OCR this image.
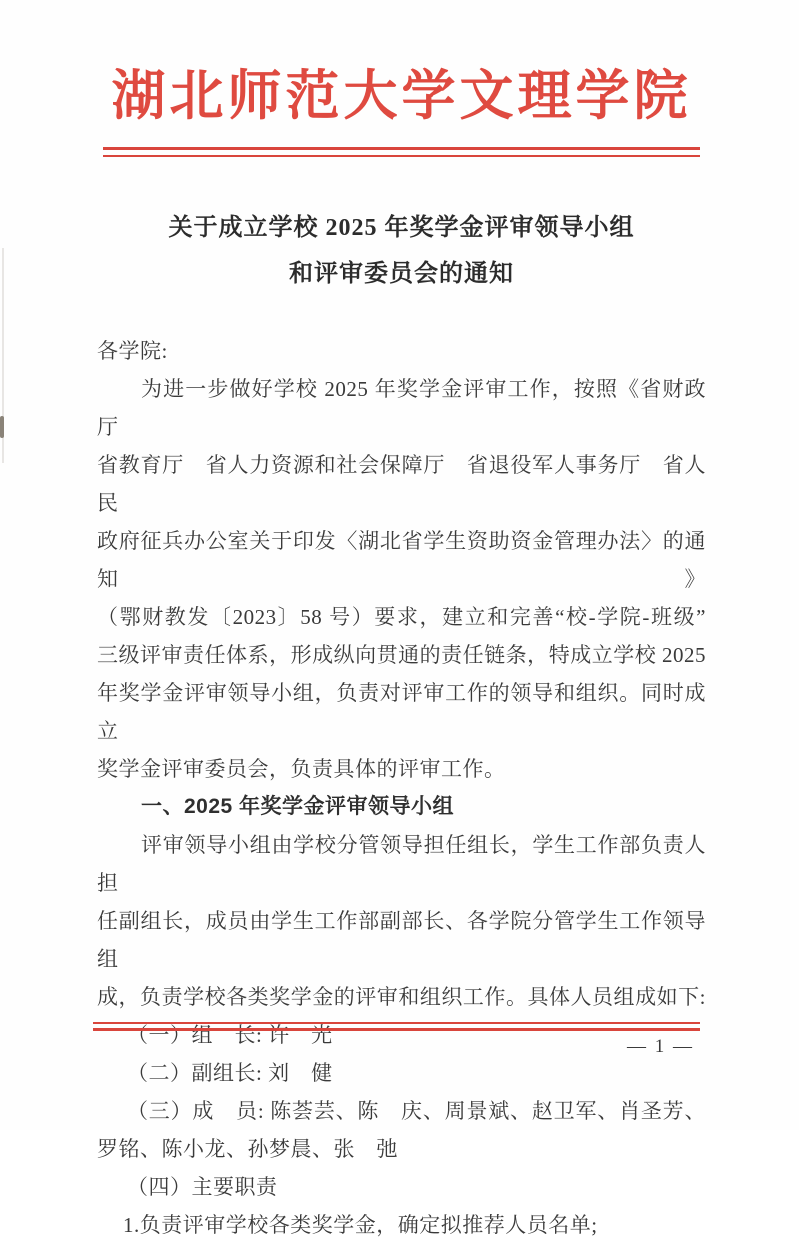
湖北师范大学文理学院
关于成立学校 2025 年奖学金评审领导小组
和评审委员会的通知
各学院:
为进一步做好学校 2025 年奖学金评审工作，按照《省财政厅
省教育厅　省人力资源和社会保障厅　省退役军人事务厅　省人民
政府征兵办公室关于印发〈湖北省学生资助资金管理办法〉的通知》
（鄂财教发〔2023〕58 号）要求，建立和完善“校-学院-班级”
三级评审责任体系，形成纵向贯通的责任链条，特成立学校 2025
年奖学金评审领导小组，负责对评审工作的领导和组织。同时成立
奖学金评审委员会，负责具体的评审工作。
一、2025 年奖学金评审领导小组
评审领导小组由学校分管领导担任组长，学生工作部负责人担
任副组长，成员由学生工作部副部长、各学院分管学生工作领导组
成，负责学校各类奖学金的评审和组织工作。具体人员组成如下:
（一）组　长: 许　光
（二）副组长: 刘　健
（三）成　员: 陈荟芸、陈　庆、周景斌、赵卫军、肖圣芳、
罗铭、陈小龙、孙梦晨、张　弛
（四）主要职责
1.负责评审学校各类奖学金，确定拟推荐人员名单;
— 1 —
